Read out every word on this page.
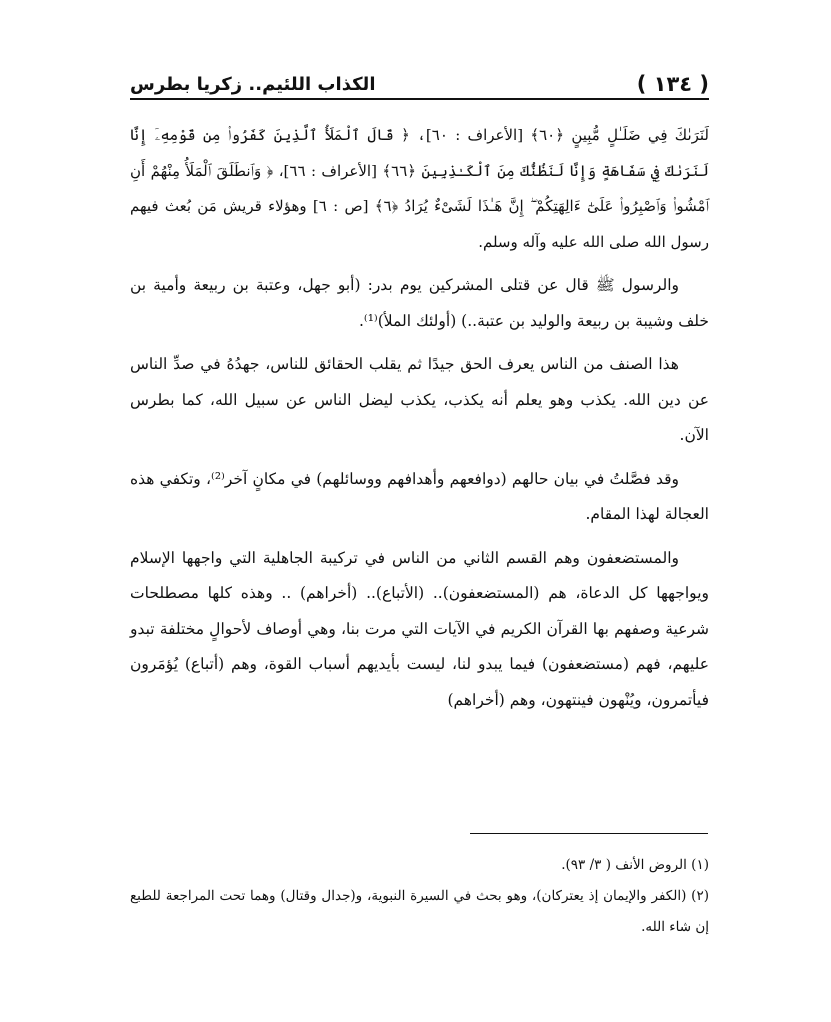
( ١٣٤ )
الكذاب اللئيم.. زكريا بطرس

لَنَرَىٰكَ فِي ضَلَـٰلٍ مُّبِينٍ ﴿٦٠﴾ [الأعراف : ٦٠]، ﴿ قَالَ ٱلْمَلَأُ ٱلَّذِينَ كَفَرُوا۟ مِن قَوْمِهِۦٓ إِنَّا لَنَرَىٰكَ فِي سَفَاهَةٍ وَإِنَّا لَنَظُنُّكَ مِنَ ٱلْكَـٰذِبِينَ ﴿٦٦﴾ [الأعراف : ٦٦]، ﴿ وَٱنطَلَقَ ٱلْمَلَأُ مِنْهُمْ أَنِ ٱمْشُوا۟ وَٱصْبِرُوا۟ عَلَىٰٓ ءَالِهَتِكُمْ ۖ إِنَّ هَـٰذَا لَشَىْءٌ يُرَادُ ﴿٦﴾ [ص : ٦] وهؤلاء قريش مَن بُعث فيهم رسول الله صلى الله عليه وآله وسلم.

والرسول ﷺ قال عن قتلى المشركين يوم بدر: (أبو جهل، وعتبة بن ربيعة وأمية بن خلف وشيبة بن ربيعة والوليد بن عتبة..) (أولئك الملأ)⁽¹⁾.

هذا الصنف من الناس يعرف الحق جيدًا ثم يقلب الحقائق للناس، جهدُهُ في صدِّ الناس عن دين الله. يكذب وهو يعلم أنه يكذب، يكذب ليضل الناس عن سبيل الله، كما بطرس الآن.

وقد فصَّلتُ في بيان حالهم (دوافعهم وأهدافهم ووسائلهم) في مكانٍ آخر⁽²⁾، وتكفي هذه العجالة لهذا المقام.

والمستضعفون وهم القسم الثاني من الناس في تركيبة الجاهلية التي واجهها الإسلام ويواجهها كل الدعاة، هم (المستضعفون).. (الأتباع).. (أخراهم) .. وهذه كلها مصطلحات شرعية وصفهم بها القرآن الكريم في الآيات التي مرت بنا، وهي أوصاف لأحوالٍ مختلفة تبدو عليهم، فهم (مستضعفون) فيما يبدو لنا، ليست بأيديهم أسباب القوة، وهم (أتباع) يُؤمَرون فيأتمرون، ويُنْهون فينتهون، وهم (أخراهم)

(١) الروض الأنف ( ٣/ ٩٣).

(٢) (الكفر والإيمان إذ يعتركان)، وهو بحث في السيرة النبوية، و(جدال وقتال) وهما تحت المراجعة للطبع إن شاء الله.
